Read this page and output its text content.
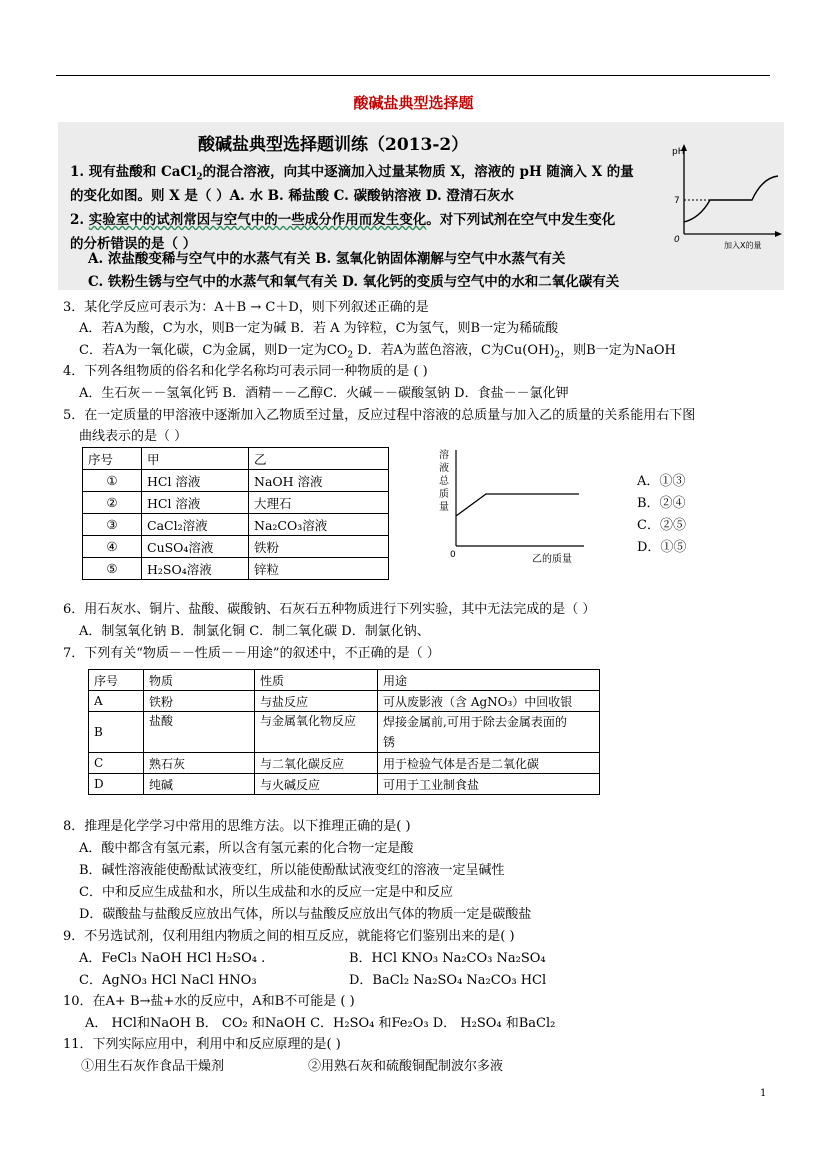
酸碱盐典型选择题
酸碱盐典型选择题训练（2013-2）
1. 现有盐酸和 CaCl$_2$的混合溶液，向其中逐滴加入过量某物质 X，溶液的 pH 随滴入 X 的量
的变化如图。则 X 是（ ）A. 水 B. 稀盐酸 C. 碳酸钠溶液 D. 澄清石灰水
2. 实验室中的试剂常因与空气中的一些成分作用而发生变化。对下列试剂在空气中发生变化
的分析错误的是（ ）
A. 浓盐酸变稀与空气中的水蒸气有关 B. 氢氧化钠固体潮解与空气中水蒸气有关
C. 铁粉生锈与空气中的水蒸气和氧气有关 D. 氧化钙的变质与空气中的水和二氧化碳有关
pH
7
0
加入X的量
3．某化学反应可表示为：A＋B → C＋D，则下列叙述正确的是
A．若A为酸，C为水，则B一定为碱 B．若 A 为锌粒，C为氢气，则B一定为稀硫酸
C．若A为一氧化碳，C为金属，则D一定为$CO_2$ D．若A为蓝色溶液，C为$Cu(OH)_2$，则B一定为NaOH
4．下列各组物质的俗名和化学名称均可表示同一种物质的是 ( )
A．生石灰－－氢氧化钙 B．酒精－－乙醇C．火碱－－碳酸氢钠 D．食盐－－氯化钾
5．在一定质量的甲溶液中逐渐加入乙物质至过量，反应过程中溶液的总质量与加入乙的质量的关系能用右下图
曲线表示的是（ ）
序号	甲	乙
①	HCl 溶液	NaOH 溶液
②	HCl 溶液	大理石
③	CaCl₂溶液	Na₂CO₃溶液
④	CuSO₄溶液	铁粉
⑤	H₂SO₄溶液	锌粒
溶
液
总
质
量
0	乙的质量
A．①③
B．②④
C．②⑤
D．①⑤
6．用石灰水、铜片、盐酸、碳酸钠、石灰石五种物质进行下列实验，其中无法完成的是（ ）
A．制氢氧化钠 B．制氯化铜 C．制二氧化碳 D．制氯化钠、
7．下列有关“物质－－性质－－用途”的叙述中，不正确的是（ ）
序号	物质	性质	用途
A	铁粉	与盐反应	可从废影液（含 AgNO₃）中回收银
B	盐酸	与金属氧化物反应	焊接金属前,可用于除去金属表面的
锈
C	熟石灰	与二氧化碳反应	用于检验气体是否是二氧化碳
D	纯碱	与火碱反应	可用于工业制食盐
8．推理是化学学习中常用的思维方法。以下推理正确的是( )
A．酸中都含有氢元素，所以含有氢元素的化合物一定是酸
B．碱性溶液能使酚酞试液变红，所以能使酚酞试液变红的溶液一定呈碱性
C．中和反应生成盐和水，所以生成盐和水的反应一定是中和反应
D．碳酸盐与盐酸反应放出气体，所以与盐酸反应放出气体的物质一定是碳酸盐
9．不另选试剂，仅利用组内物质之间的相互反应，就能将它们鉴别出来的是( )
A．FeCl₃ NaOH HCl H₂SO₄ .	B．HCl KNO₃ Na₂CO₃ Na₂SO₄
C．AgNO₃ HCl NaCl HNO₃	D．BaCl₂ Na₂SO₄ Na₂CO₃ HCl
10．在A+ B→盐+水的反应中，A和B不可能是 ( )
A． HCl和NaOH B． CO₂ 和NaOH C．H₂SO₄ 和Fe₂O₃ D． H₂SO₄ 和BaCl₂
11．下列实际应用中，利用中和反应原理的是( )
①用生石灰作食品干燥剂	②用熟石灰和硫酸铜配制波尔多液
1
